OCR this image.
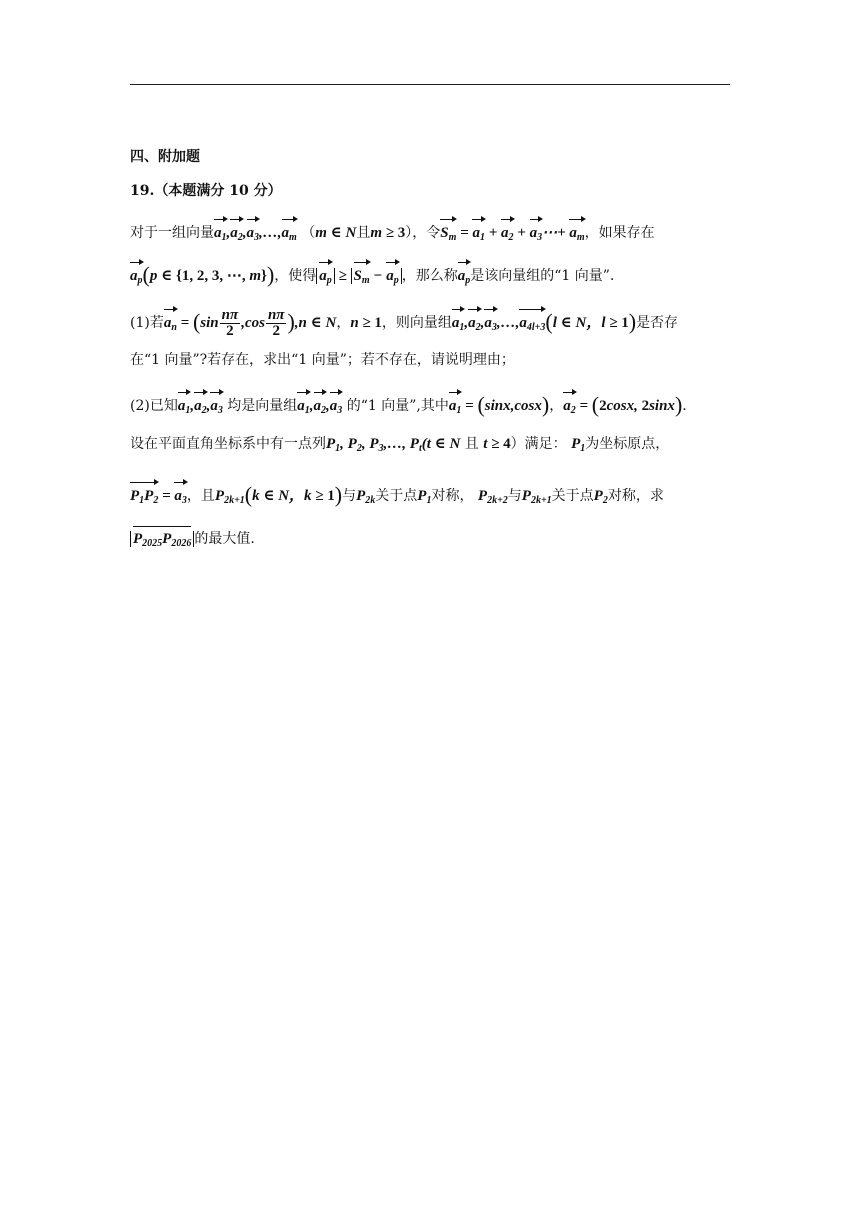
四、附加题
19.（本题满分 10 分）
对于一组向量$a_1,a_2,a_3,\dots,a_m$ （m ∈ N且m ≥ 3），令$S_m = a_1 + a_2$ + $a_3\cdots+ a_m$，如果存在
$a_p(p$ ∈ {1, 2, 3, ⋯, m})，使得 $a_p \ge S_m - a_p$ ，那么称$a_p$是该向量组的“1 向量”.
(1)若$a_n = (\sin \frac{n\pi}{2} ,\cos \frac{n\pi}{2} ),n$ ∈ N，n ≥ 1，则向量组$a_1,a_2,a_3,\dots,a_{4l+3}(l$ ∈ N，l ≥ 1)是否存
在“1 向量”?若存在，求出“1 向量”；若不存在，请说明理由；
(2)已知$a_1,a_2,a_3$ 均是向量组$a_1,a_2,a_3$ 的“1 向量”,其中$a_1 = (\sin x,\cos x)$，$a_2 = (2\cos x$, 2sinx).
设在平面直角坐标系中有一点列$P_1$, $P_2$, $P_3,\dots$, $P_t(t$ ∈ N 且 t ≥ 4）满足： $P_1$为坐标原点，
$P_1P_2 = a_3$，且$P_{2k+1}(k$ ∈ N，k ≥ 1)与$P_{2k}$关于点$P_1$对称， $P_{2k+2}$与$P_{2k+1}$关于点$P_2$对称，求
$P_{2025}P_{2026}$ 的最大值.
